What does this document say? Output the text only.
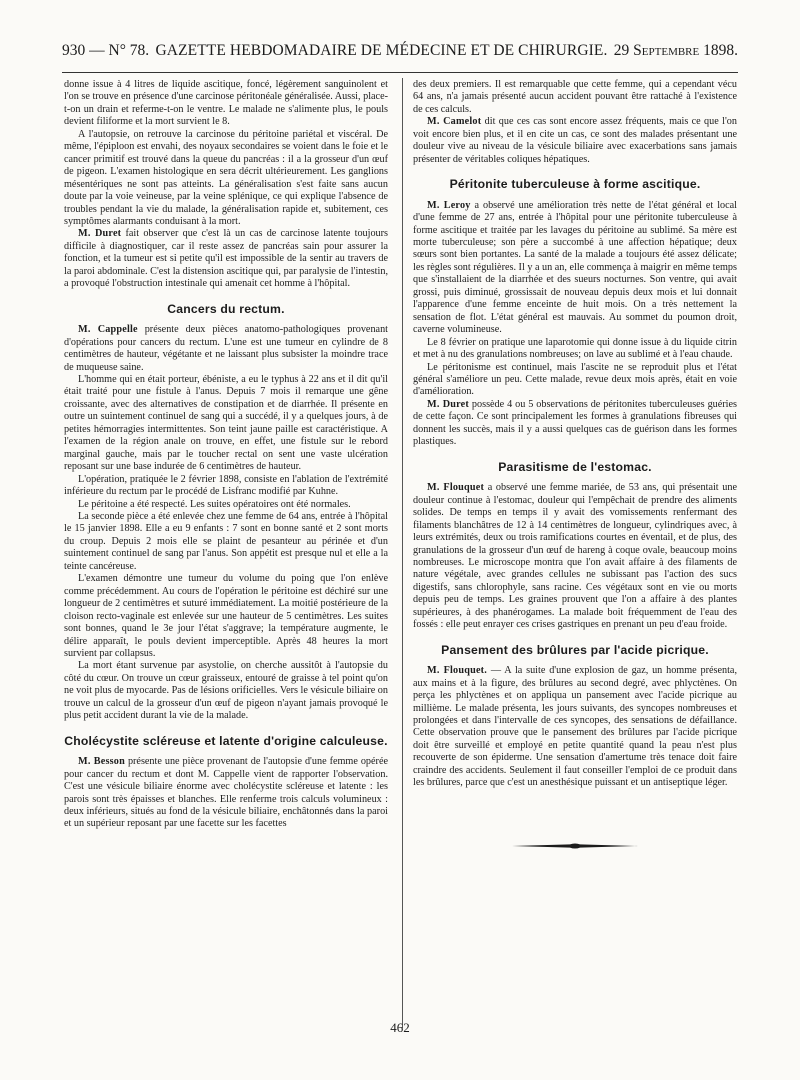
930 — N° 78. GAZETTE HEBDOMADAIRE DE MÉDECINE ET DE CHIRURGIE. 29 Septembre 1898.

donne issue à 4 litres de liquide ascitique, foncé, légèrement sanguinolent et l'on se trouve en présence d'une carcinose péritonéale généralisée. Aussi, place-t-on un drain et referme-t-on le ventre. Le malade ne s'alimente plus, le pouls devient filiforme et la mort survient le 8.

A l'autopsie, on retrouve la carcinose du péritoine pariétal et viscéral. De même, l'épiploon est envahi, des noyaux secondaires se voient dans le foie et le cancer primitif est trouvé dans la queue du pancréas : il a la grosseur d'un œuf de pigeon. L'examen histologique en sera décrit ultérieurement. Les ganglions mésentériques ne sont pas atteints. La généralisation s'est faite sans aucun doute par la voie veineuse, par la veine splénique, ce qui explique l'absence de troubles pendant la vie du malade, la généralisation rapide et, subitement, ces symptômes alarmants conduisant à la mort.

M. Duret fait observer que c'est là un cas de carcinose latente toujours difficile à diagnostiquer, car il reste assez de pancréas sain pour assurer la fonction, et la tumeur est si petite qu'il est impossible de la sentir au travers de la paroi abdominale. C'est la distension ascitique qui, par paralysie de l'intestin, a provoqué l'obstruction intestinale qui amenait cet homme à l'hôpital.

Cancers du rectum.

M. Cappelle présente deux pièces anatomo-pathologiques provenant d'opérations pour cancers du rectum. L'une est une tumeur en cylindre de 8 centimètres de hauteur, végétante et ne laissant plus subsister la moindre trace de muqueuse saine.

L'homme qui en était porteur, ébéniste, a eu le typhus à 22 ans et il dit qu'il était traité pour une fistule à l'anus. Depuis 7 mois il remarque une gêne croissante, avec des alternatives de constipation et de diarrhée. Il présente en outre un suintement continuel de sang qui a succédé, il y a quelques jours, à de petites hémorragies intermittentes. Son teint jaune paille est caractéristique. A l'examen de la région anale on trouve, en effet, une fistule sur le rebord marginal gauche, mais par le toucher rectal on sent une vaste ulcération reposant sur une base indurée de 6 centimètres de hauteur.

L'opération, pratiquée le 2 février 1898, consiste en l'ablation de l'extrémité inférieure du rectum par le procédé de Lisfranc modifié par Kuhne.

Le péritoine a été respecté. Les suites opératoires ont été normales.

La seconde pièce a été enlevée chez une femme de 64 ans, entrée à l'hôpital le 15 janvier 1898. Elle a eu 9 enfants : 7 sont en bonne santé et 2 sont morts du croup. Depuis 2 mois elle se plaint de pesanteur au périnée et d'un suintement continuel de sang par l'anus. Son appétit est presque nul et elle a la teinte cancéreuse.

L'examen démontre une tumeur du volume du poing que l'on enlève comme précédemment. Au cours de l'opération le péritoine est déchiré sur une longueur de 2 centimètres et suturé immédiatement. La moitié postérieure de la cloison recto-vaginale est enlevée sur une hauteur de 5 centimètres. Les suites sont bonnes, quand le 3e jour l'état s'aggrave; la température augmente, le délire apparaît, le pouls devient imperceptible. Après 48 heures la mort survient par collapsus.

La mort étant survenue par asystolie, on cherche aussitôt à l'autopsie du côté du cœur. On trouve un cœur graisseux, entouré de graisse à tel point qu'on ne voit plus de myocarde. Pas de lésions orificielles. Vers le vésicule biliaire on trouve un calcul de la grosseur d'un œuf de pigeon n'ayant jamais provoqué le plus petit accident durant la vie de la malade.

Cholécystite scléreuse et latente d'origine calculeuse.

M. Besson présente une pièce provenant de l'autopsie d'une femme opérée pour cancer du rectum et dont M. Cappelle vient de rapporter l'observation. C'est une vésicule biliaire énorme avec cholécystite scléreuse et latente : les parois sont très épaisses et blanches. Elle renferme trois calculs volumineux : deux inférieurs, situés au fond de la vésicule biliaire, enchâtonnés dans la paroi et un supérieur reposant par une facette sur les facettes

des deux premiers. Il est remarquable que cette femme, qui a cependant vécu 64 ans, n'a jamais présenté aucun accident pouvant être rattaché à l'existence de ces calculs.

M. Camelot dit que ces cas sont encore assez fréquents, mais ce que l'on voit encore bien plus, et il en cite un cas, ce sont des malades présentant une douleur vive au niveau de la vésicule biliaire avec exacerbations sans jamais présenter de véritables coliques hépatiques.

Péritonite tuberculeuse à forme ascitique.

M. Leroy a observé une amélioration très nette de l'état général et local d'une femme de 27 ans, entrée à l'hôpital pour une péritonite tuberculeuse à forme ascitique et traitée par les lavages du péritoine au sublimé. Sa mère est morte tuberculeuse; son père a succombé à une affection hépatique; deux sœurs sont bien portantes. La santé de la malade a toujours été assez délicate; les règles sont régulières. Il y a un an, elle commença à maigrir en même temps que s'installaient de la diarrhée et des sueurs nocturnes. Son ventre, qui avait grossi, puis diminué, grossissait de nouveau depuis deux mois et lui donnait l'apparence d'une femme enceinte de huit mois. On a très nettement la sensation de flot. L'état général est mauvais. Au sommet du poumon droit, caverne volumineuse.

Le 8 février on pratique une laparotomie qui donne issue à du liquide citrin et met à nu des granulations nombreuses; on lave au sublimé et à l'eau chaude.

Le péritonisme est continuel, mais l'ascite ne se reproduit plus et l'état général s'améliore un peu. Cette malade, revue deux mois après, était en voie d'amélioration.

M. Duret possède 4 ou 5 observations de péritonites tuberculeuses guéries de cette façon. Ce sont principalement les formes à granulations fibreuses qui donnent les succès, mais il y a aussi quelques cas de guérison dans les formes plastiques.

Parasitisme de l'estomac.

M. Flouquet a observé une femme mariée, de 53 ans, qui présentait une douleur continue à l'estomac, douleur qui l'empêchait de prendre des aliments solides. De temps en temps il y avait des vomissements renfermant des filaments blanchâtres de 12 à 14 centimètres de longueur, cylindriques avec, à leurs extrémités, deux ou trois ramifications courtes en éventail, et de plus, des granulations de la grosseur d'un œuf de hareng à coque ovale, beaucoup moins nombreuses. Le microscope montra que l'on avait affaire à des filaments de nature végétale, avec grandes cellules ne subissant pas l'action des sucs digestifs, sans chlorophyle, sans racine. Ces végétaux sont en vie ou morts depuis peu de temps. Les graines prouvent que l'on a affaire à des plantes supérieures, à des phanérogames. La malade boit fréquemment de l'eau des fossés : elle peut enrayer ces crises gastriques en prenant un peu d'eau froide.

Pansement des brûlures par l'acide picrique.

M. Flouquet. — A la suite d'une explosion de gaz, un homme présenta, aux mains et à la figure, des brûlures au second degré, avec phlyctènes. On perça les phlyctènes et on appliqua un pansement avec l'acide picrique au millième. Le malade présenta, les jours suivants, des syncopes nombreuses et prolongées et dans l'intervalle de ces syncopes, des sensations de défaillance. Cette observation prouve que le pansement des brûlures par l'acide picrique doit être surveillé et employé en petite quantité quand la peau n'est plus recouverte de son épiderme. Une sensation d'amertume très tenace doit faire craindre des accidents. Seulement il faut conseiller l'emploi de ce produit dans les brûlures, parce que c'est un anesthésique puissant et un antiseptique léger.

462
